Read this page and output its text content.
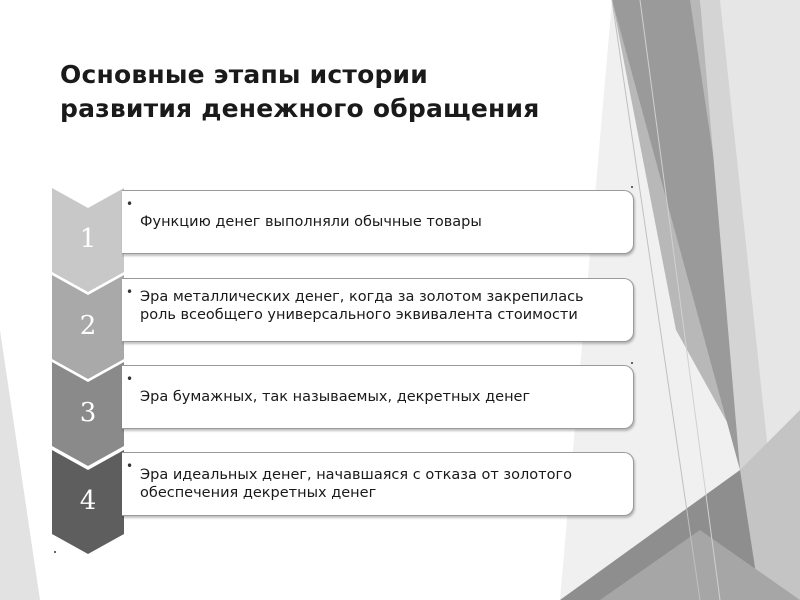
Основные этапы истории
развития денежного обращения
1
•
Функцию денег выполняли обычные товары
2
• Эра металлических денег, когда за золотом закрепилась роль всеобщего универсального эквивалента стоимости
3
•
Эра бумажных, так называемых, декретных денег
4
•
Эра идеальных денег, начавшаяся с отказа от золотого обеспечения декретных денег
